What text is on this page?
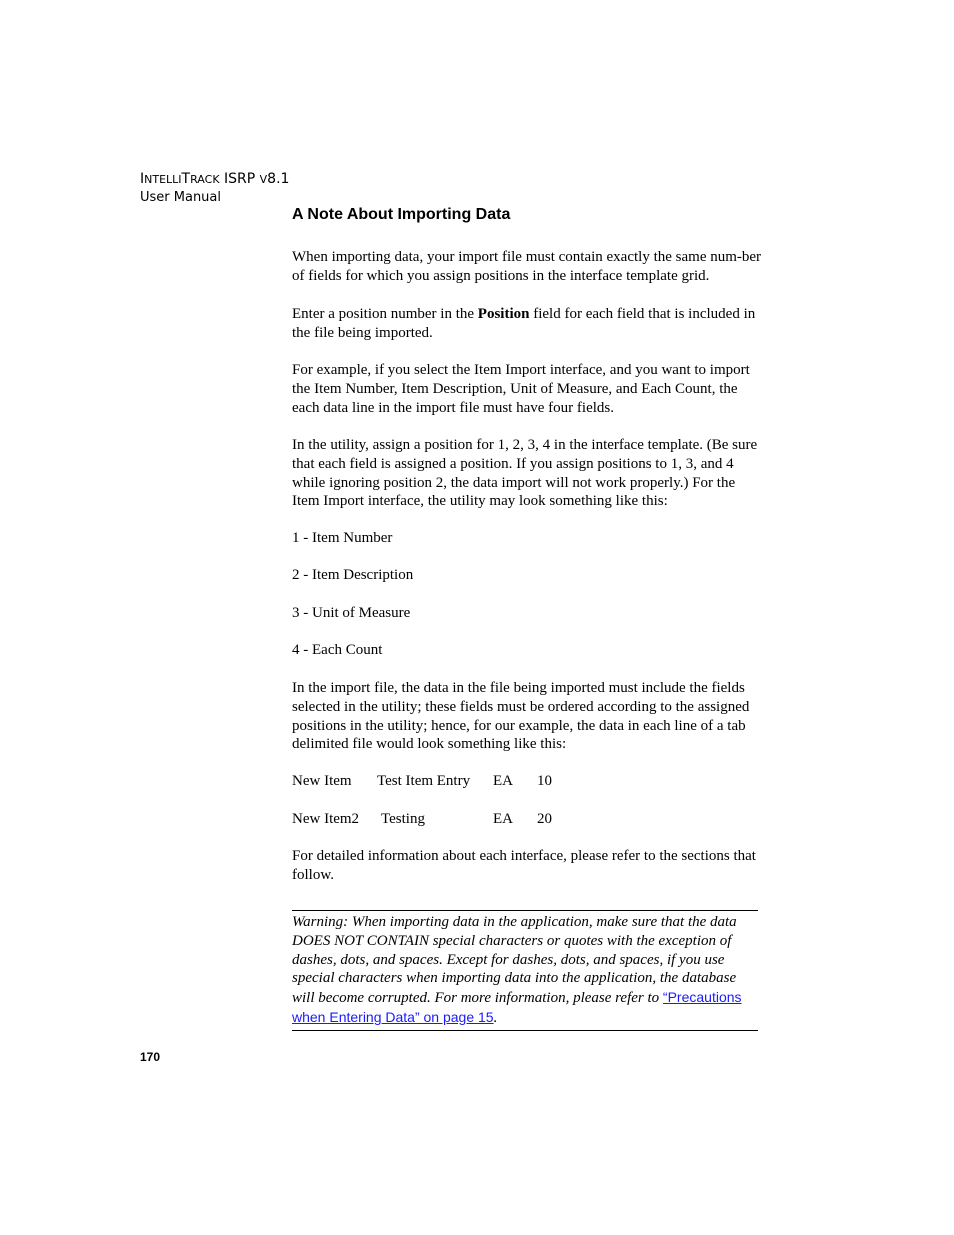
INTELLITRACK ISRP V8.1
User Manual
A Note About Importing Data

When importing data, your import file must contain exactly the same num-ber of fields for which you assign positions in the interface template grid.

Enter a position number in the Position field for each field that is included in the file being imported.

For example, if you select the Item Import interface, and you want to import the Item Number, Item Description, Unit of Measure, and Each Count, the each data line in the import file must have four fields.

In the utility, assign a position for 1, 2, 3, 4 in the interface template. (Be sure that each field is assigned a position. If you assign positions to 1, 3, and 4 while ignoring position 2, the data import will not work properly.) For the Item Import interface, the utility may look something like this:

1 - Item Number
2 - Item Description
3 - Unit of Measure
4 - Each Count

In the import file, the data in the file being imported must include the fields selected in the utility; these fields must be ordered according to the assigned positions in the utility; hence, for our example, the data in each line of a tab delimited file would look something like this:

New Item Test Item Entry EA 10
New Item2 Testing	EA 20

For detailed information about each interface, please refer to the sections that follow.

Warning: When importing data in the application, make sure that the data DOES NOT CONTAIN special characters or quotes with the exception of dashes, dots, and spaces. Except for dashes, dots, and spaces, if you use special characters when importing data into the application, the database will become corrupted. For more information, please refer to “Precautions when Entering Data” on page 15.

170
